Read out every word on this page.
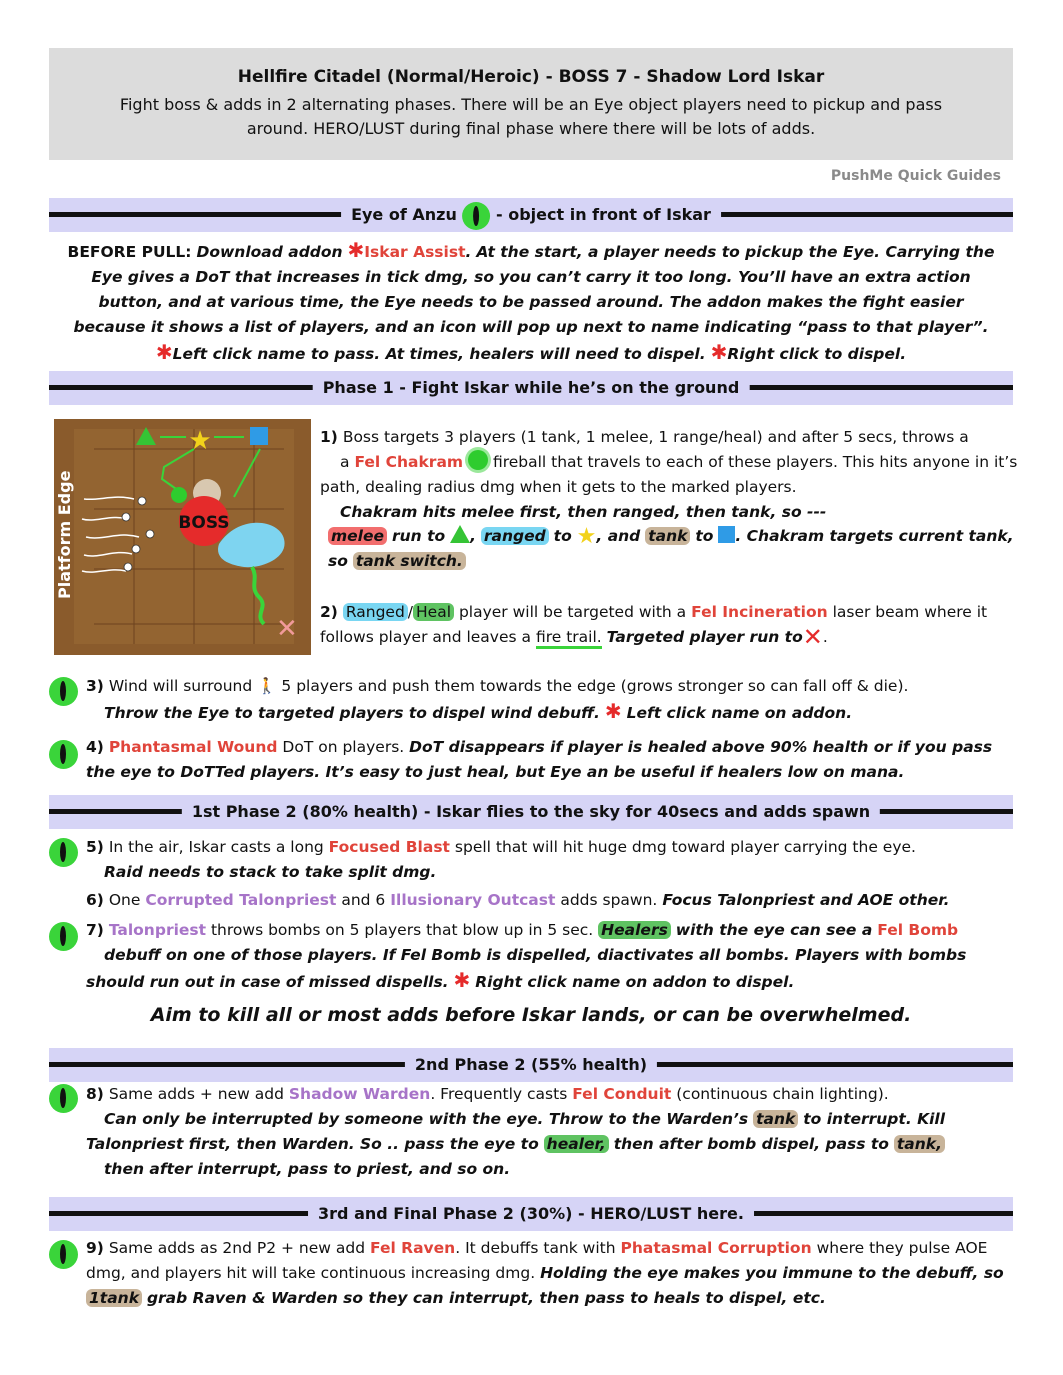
Hellfire Citadel (Normal/Heroic) - BOSS 7 - Shadow Lord Iskar
Fight boss & adds in 2 alternating phases. There will be an Eye object players need to pickup and pass around. HERO/LUST during final phase where there will be lots of adds.
PushMe Quick Guides
Eye of Anzu - object in front of Iskar
BEFORE PULL: Download addon ✱Iskar Assist. At the start, a player needs to pickup the Eye. Carrying the Eye gives a DoT that increases in tick dmg, so you can’t carry it too long. You’ll have an extra action button, and at various time, the Eye needs to be passed around. The addon makes the fight easier because it shows a list of players, and an icon will pop up next to name indicating “pass to that player”.
✱Left click name to pass. At times, healers will need to dispel. ✱Right click to dispel.
Phase 1 - Fight Iskar while he’s on the ground
BOSS
★
✕
Platform Edge
1) Boss targets 3 players (1 tank, 1 melee, 1 range/heal) and after 5 secs, throws a
a Fel Chakram fireball that travels to each of these players. This hits anyone in it’s path, dealing radius dmg when it gets to the marked players.
Chakram hits melee first, then ranged, then tank, so ---
melee run to , ranged to ★, and tank to . Chakram targets current tank, so tank switch.
2) Ranged / Heal player will be targeted with a Fel Incineration laser beam where it follows player and leaves a fire trail. Targeted player run to✕.
3) Wind will surround 🚶 5 players and push them towards the edge (grows stronger so can fall off & die).
Throw the Eye to targeted players to dispel wind debuff. ✱ Left click name on addon.
4) Phantasmal Wound DoT on players. DoT disappears if player is healed above 90% health or if you pass the eye to DoTTed players. It’s easy to just heal, but Eye an be useful if healers low on mana.
1st Phase 2 (80% health) - Iskar flies to the sky for 40secs and adds spawn
5) In the air, Iskar casts a long Focused Blast spell that will hit huge dmg toward player carrying the eye.
Raid needs to stack to take split dmg.
6) One Corrupted Talonpriest and 6 Illusionary Outcast adds spawn. Focus Talonpriest and AOE other.
7) Talonpriest throws bombs on 5 players that blow up in 5 sec. Healers with the eye can see a Fel Bomb
debuff on one of those players. If Fel Bomb is dispelled, diactivates all bombs. Players with bombs should run out in case of missed dispells. ✱ Right click name on addon to dispel.
Aim to kill all or most adds before Iskar lands, or can be overwhelmed.
2nd Phase 2 (55% health)
8) Same adds + new add Shadow Warden. Frequently casts Fel Conduit (continuous chain lighting).
Can only be interrupted by someone with the eye. Throw to the Warden’s tank to interrupt. Kill Talonpriest first, then Warden. So .. pass the eye to healer, then after bomb dispel, pass to tank,
then after interrupt, pass to priest, and so on.
3rd and Final Phase 2 (30%) - HERO/LUST here.
9) Same adds as 2nd P2 + new add Fel Raven. It debuffs tank with Phatasmal Corruption where they pulse AOE dmg, and players hit will take continuous increasing dmg. Holding the eye makes you immune to the debuff, so 1tank grab Raven & Warden so they can interrupt, then pass to heals to dispel, etc.
